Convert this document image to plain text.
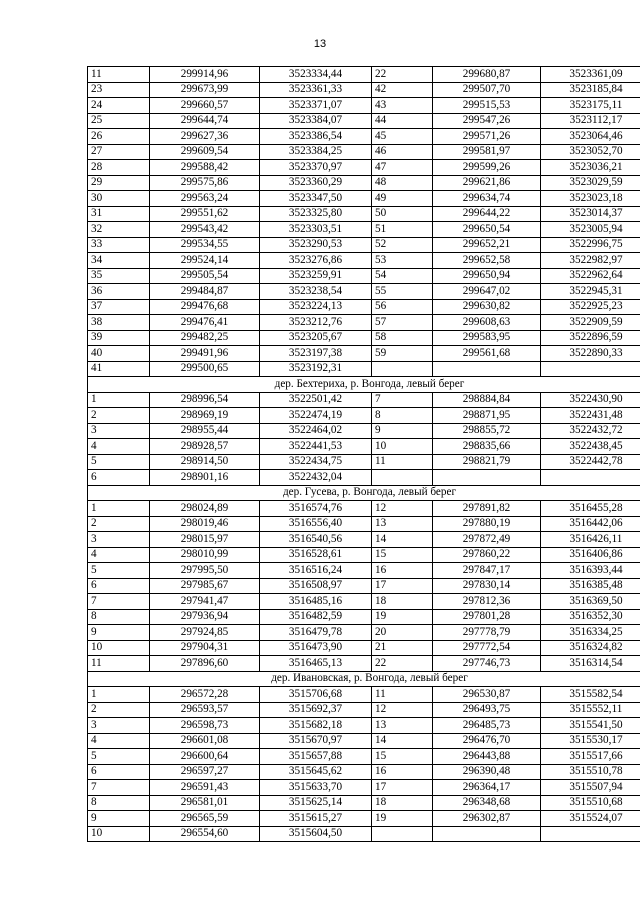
13
11	299914,96	3523334,44	22	299680,87	3523361,09
23	299673,99	3523361,33	42	299507,70	3523185,84
24	299660,57	3523371,07	43	299515,53	3523175,11
25	299644,74	3523384,07	44	299547,26	3523112,17
26	299627,36	3523386,54	45	299571,26	3523064,46
27	299609,54	3523384,25	46	299581,97	3523052,70
28	299588,42	3523370,97	47	299599,26	3523036,21
29	299575,86	3523360,29	48	299621,86	3523029,59
30	299563,24	3523347,50	49	299634,74	3523023,18
31	299551,62	3523325,80	50	299644,22	3523014,37
32	299543,42	3523303,51	51	299650,54	3523005,94
33	299534,55	3523290,53	52	299652,21	3522996,75
34	299524,14	3523276,86	53	299652,58	3522982,97
35	299505,54	3523259,91	54	299650,94	3522962,64
36	299484,87	3523238,54	55	299647,02	3522945,31
37	299476,68	3523224,13	56	299630,82	3522925,23
38	299476,41	3523212,76	57	299608,63	3522909,59
39	299482,25	3523205,67	58	299583,95	3522896,59
40	299491,96	3523197,38	59	299561,68	3522890,33
41	299500,65	3523192,31			
дер. Бехтериха, р. Вонгода, левый берег					
1	298996,54	3522501,42	7	298884,84	3522430,90
2	298969,19	3522474,19	8	298871,95	3522431,48
3	298955,44	3522464,02	9	298855,72	3522432,72
4	298928,57	3522441,53	10	298835,66	3522438,45
5	298914,50	3522434,75	11	298821,79	3522442,78
6	298901,16	3522432,04			
дер. Гусева, р. Вонгода, левый берег					
1	298024,89	3516574,76	12	297891,82	3516455,28
2	298019,46	3516556,40	13	297880,19	3516442,06
3	298015,97	3516540,56	14	297872,49	3516426,11
4	298010,99	3516528,61	15	297860,22	3516406,86
5	297995,50	3516516,24	16	297847,17	3516393,44
6	297985,67	3516508,97	17	297830,14	3516385,48
7	297941,47	3516485,16	18	297812,36	3516369,50
8	297936,94	3516482,59	19	297801,28	3516352,30
9	297924,85	3516479,78	20	297778,79	3516334,25
10	297904,31	3516473,90	21	297772,54	3516324,82
11	297896,60	3516465,13	22	297746,73	3516314,54
дер. Ивановская, р. Вонгода, левый берег					
1	296572,28	3515706,68	11	296530,87	3515582,54
2	296593,57	3515692,37	12	296493,75	3515552,11
3	296598,73	3515682,18	13	296485,73	3515541,50
4	296601,08	3515670,97	14	296476,70	3515530,17
5	296600,64	3515657,88	15	296443,88	3515517,66
6	296597,27	3515645,62	16	296390,48	3515510,78
7	296591,43	3515633,70	17	296364,17	3515507,94
8	296581,01	3515625,14	18	296348,68	3515510,68
9	296565,59	3515615,27	19	296302,87	3515524,07
10	296554,60	3515604,50			
